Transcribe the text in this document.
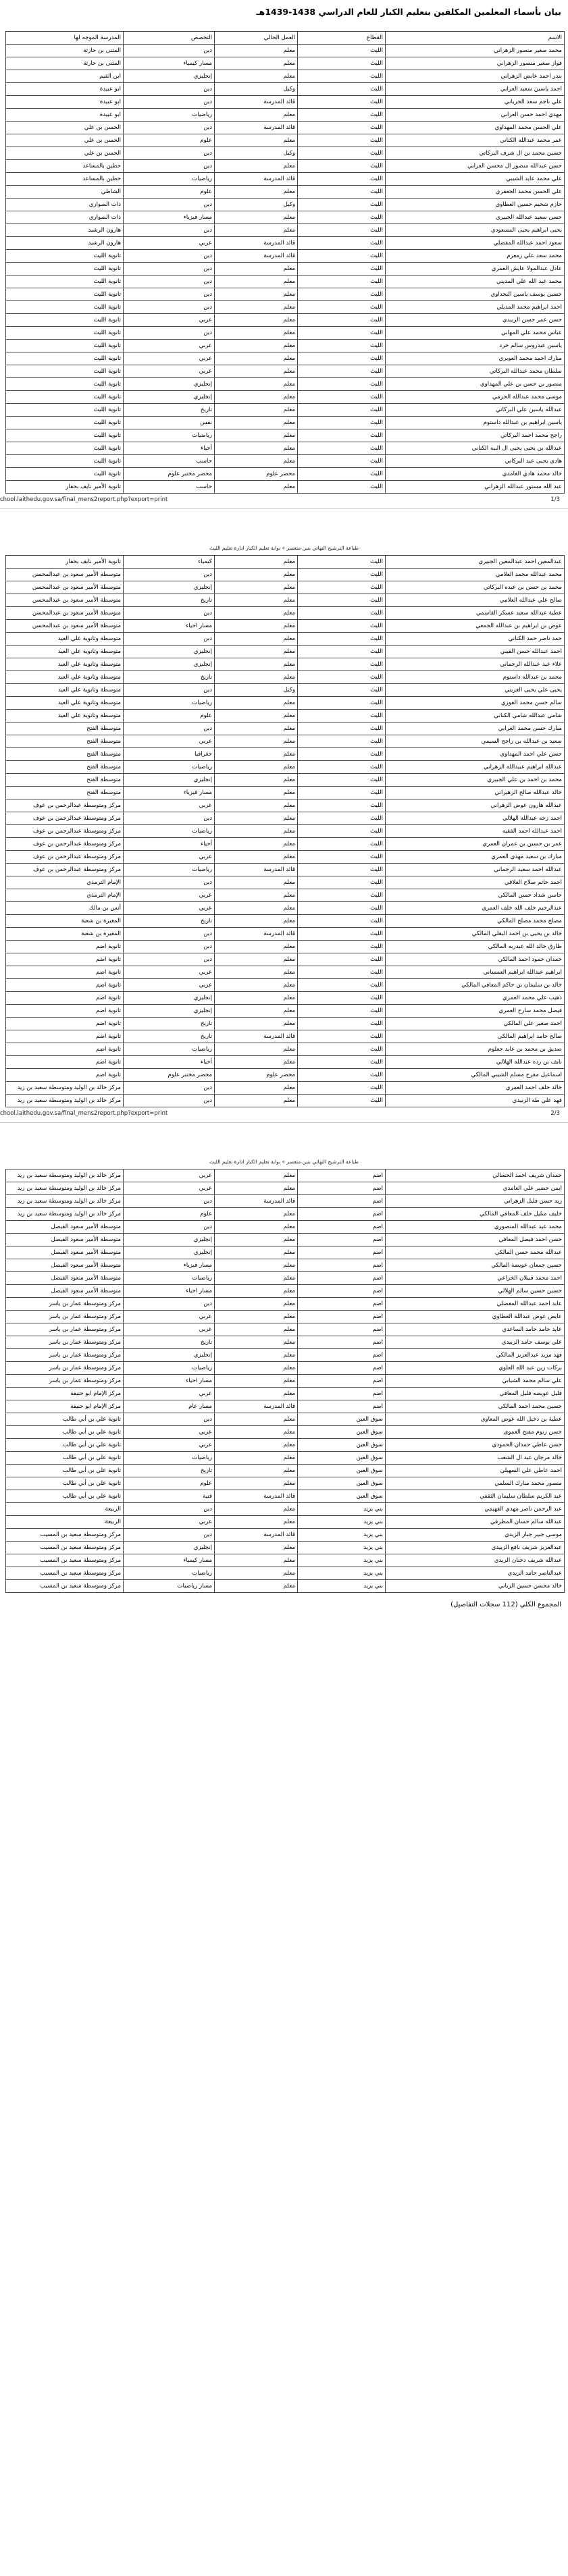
بيان بأسماء المعلمين المكلفين بتعليم الكبار للعام الدراسي 1438-1439هـ
الاسم	القطاع	العمل الحالي	التخصص	المدرسة الموجه لها
محمد صغير منصور الزهراني	الليث	معلم	دين	المثنى بن حارثة
فواز صغير منصور الزهراني	الليث	معلم	مسار كيمياء	المثنى بن حارثة
بندر احمد عايض الزهراني	الليث	معلم	إنجليزي	ابن القيم
احمد ياسين سعيد العرابي	الليث	وكيل	دين	ابو عبيدة
علي ناجم سعد الجرباني	الليث	قائد المدرسة	دين	ابو عبيدة
مهدي احمد حسن العرابي	الليث	معلم	رياضيات	ابو عبيدة
علي الحسن محمد المهداوي	الليث	قائد المدرسة	دين	الحسن بن علي
عمر محمد عبدالله الكناني	الليث	معلم	علوم	الحسن بن علي
حسين محمد بن ال شرف البركاتي	الليث	وكيل	دين	الحسن بن علي
حسن عبدالله منصور ال محسن العرابي	الليث	معلم	دين	حطين بالمساعد
علي محمد عايد الشيبي	الليث	قائد المدرسة	رياضيات	حطين بالمساعد
علي الحسن محمد الجعفري	الليث	معلم	علوم	الشاطي
حازم شحيم حسين العطاوي	الليث	وكيل	دين	ذات الصواري
حسن سعيد عبدالله الجبيري	الليث	معلم	مسار فيزياء	ذات الصواري
يحيى ابراهيم يحيى المسعودي	الليث	معلم	دين	هارون الرشيد
سعود احمد عبدالله المفضلي	الليث	قائد المدرسة	عربي	هارون الرشيد
محمد سعد علي زمعرم	الليث	قائد المدرسة	دين	ثانوية الليث
عادل عبدالمولا عايش العمري	الليث	معلم	دين	ثانوية الليث
محمد عبد الله علي المديني	الليث	معلم	دين	ثانوية الليث
حسين يوسف ياسين البجداوي	الليث	معلم	دين	ثانوية الليث
احمد ابراهيم محمد المديلي	الليث	معلم	دين	ثانوية الليث
حسن عمر حسن الزبيدي	الليث	معلم	عربي	ثانوية الليث
عباس محمد علي المهابي	الليث	معلم	دين	ثانوية الليث
ياسين عيدروس سالم خرد	الليث	معلم	عربي	ثانوية الليث
مبارك احمد محمد العويري	الليث	معلم	عربي	ثانوية الليث
سلطان محمد عبدالله البركاتي	الليث	معلم	عربي	ثانوية الليث
منصور بن حسن بن علي المهداوي	الليث	معلم	إنجليزي	ثانوية الليث
موسى محمد عبدالله الحرمي	الليث	معلم	إنجليزي	ثانوية الليث
عبدالله ياسين علي البركاتي	الليث	معلم	تاريخ	ثانوية الليث
ياسين ابراهيم بن عبدالله داستوم	الليث	معلم	نفس	ثانوية الليث
راجح محمد احمد البركاتي	الليث	معلم	رياضيات	ثانوية الليث
عبدالله بن يحيى يحيى ال البيه الكناني	الليث	معلم	أحياء	ثانوية الليث
هادي يحيى عيد البركاتي	الليث	معلم	حاسب	ثانوية الليث
خالد محمد هادي الغامدي	الليث	محضر علوم	محضر مختبر علوم	ثانوية الليث
عبد الله مستور عبدالله الزهراني	الليث	معلم	حاسب	ثانوية الأمير نايف بحفار
chool.laithedu.gov.sa/final_mens2report.php?export=print	1/3
طباعة الترشيح النهائي بنين متعسر » بوابة تعليم الكبار ادارة تعليم الليث
عبدالمعين احمد عبدالمعين الجبيري	الليث	معلم	كيمياء	ثانوية الأمير نايف بحفار
محمد عبدالله محمد العلامي	الليث	معلم	دين	متوسطة الأمير سعود بن عبدالمحسن
محمد بن حسن بن عبده البركاتي	الليث	معلم	إنجليزي	متوسطة الأمير سعود بن عبدالمحسن
صالح علي عبدالله العلامي	الليث	معلم	تاريخ	متوسطة الأمير سعود بن عبدالمحسن
عطية عبدالله سعيد عسكر القاسمي	الليث	معلم	دين	متوسطة الأمير سعود بن عبدالمحسن
عوض بن ابراهيم بن عبدالله الجمعي	الليث	معلم	مسار احياء	متوسطة الأمير سعود بن عبدالمحسن
حمد ناصر حمد الكناني	الليث	معلم	دين	متوسطة وثانوية علي العيد
احمد عبدالله حسن القيبي	الليث	معلم	إنجليزي	متوسطة وثانوية علي العيد
علاء عيد عبدالله الرجماني	الليث	معلم	إنجليزي	متوسطة وثانوية علي العيد
محمد بن عبدالله داستوم	الليث	معلم	تاريخ	متوسطة وثانوية علي العيد
يحيى علي يحيى العزيني	الليث	وكيل	دين	متوسطة وثانوية علي العيد
سالم حسن محمد الفوزي	الليث	معلم	رياضيات	متوسطة وثانوية علي العيد
شامي عبدالله شامي الكناني	الليث	معلم	علوم	متوسطة وثانوية علي العيد
مبارك حسن محمد العرابي	الليث	معلم	دين	متوسطة الفتح
سعيد بن عبدالله بن راجح السيمي	الليث	معلم	عربي	متوسطة الفتح
حسن علي احمد المهداوي	الليث	معلم	جغرافيا	متوسطة الفتح
عبدالله ابراهيم عبيدالله الزهراني	الليث	معلم	رياضيات	متوسطة الفتح
محمد بن احمد بن علي الجبيري	الليث	معلم	إنجليزي	متوسطة الفتح
خالد عبدالله صالح الزهيراني	الليث	معلم	مسار فيزياء	متوسطة الفتح
عبدالله هارون عوض الزهراني	الليث	معلم	عربي	مركز ومتوسطة عبدالرحمن بن عوف
احمد زحه عبدالله الهلالي	الليث	معلم	دين	مركز ومتوسطة عبدالرحمن بن عوف
احمد عبدالله احمد الفقيه	الليث	معلم	رياضيات	مركز ومتوسطة عبدالرحمن بن عوف
عمر بن حسين بن عمران العمري	الليث	معلم	أحياء	مركز ومتوسطة عبدالرحمن بن عوف
مبارك بن سعيد مهدي العمري	الليث	معلم	عربي	مركز ومتوسطة عبدالرحمن بن عوف
عبدالله احمد سعيد الرجماني	الليث	قائد المدرسة	رياضيات	مركز ومتوسطة عبدالرحمن بن عوف
احمد حاتم صلاح العلاقي	الليث	معلم	دين	الإمام الترمذي
حاسن شداد حسن المالكي	الليث	معلم	عربي	الإمام الترمذي
عبدالرحيم خلف الله خلف العمري	الليث	معلم	عربي	أنس بن مالك
مصلح محمد مصلح المالكي	الليث	معلم	تاريخ	المغيرة بن شعبة
خالد بن يحيى بن احمد البقلي المالكي	الليث	قائد المدرسة	دين	المغيرة بن شعبة
طارق خالد الله عبدربه المالكي	الليث	معلم	دين	ثانوية اضم
حمدان حمود احمد المالكي	الليث	معلم	دين	ثانوية اضم
ابراهيم عبدالله ابراهيم العمساني	الليث	معلم	عربي	ثانوية اضم
خالد بن سليمان بن حاكم المعافي المالكي	الليث	معلم	عربي	ثانوية اضم
ذهيب علي محمد العمري	الليث	معلم	إنجليزي	ثانوية اضم
فيصل محمد سارح العمري	الليث	معلم	إنجليزي	ثانوية اضم
احمد صغير علي المالكي	الليث	معلم	تاريخ	ثانوية اضم
صالح حامد ابراهيم المالكي	الليث	قائد المدرسة	تاريخ	ثانوية اضم
صديق بن محمد بن عابد جعلوم	الليث	معلم	رياضيات	ثانوية اضم
نايف بن رده عبدالله الهلالي	الليث	معلم	أحياء	ثانوية اضم
اسماعيل مفرح مسلم الشيبي المالكي	الليث	محضر علوم	محضر مختبر علوم	ثانوية اضم
خالد خلف احمد العمري	الليث	معلم	دين	مركز خالد بن الوليد ومتوسطة سعيد بن زيد
فهد علي طه الزبيدي	الليث	معلم	دين	مركز خالد بن الوليد ومتوسطة سعيد بن زيد
chool.laithedu.gov.sa/final_mens2report.php?export=print	2/3
طباعة الترشيح النهائي بنين متعسر » بوابة تعليم الكبار ادارة تعليم الليث
حمدان شريف احمد الحسالي	اضم	معلم	عربي	مركز خالد بن الوليد ومتوسطة سعيد بن زيد
ايمن حضير علي الغامدي	اضم	معلم	عربي	مركز خالد بن الوليد ومتوسطة سعيد بن زيد
زيد حسن فليل الزهراني	اضم	قائد المدرسة	دين	مركز خالد بن الوليد ومتوسطة سعيد بن زيد
خليف متليل خلف المعافي المالكي	اضم	معلم	علوم	مركز خالد بن الوليد ومتوسطة سعيد بن زيد
محمد عيد عبدالله المنصوري	اضم	معلم	دين	متوسطة الأمير سعود الفيصل
حسن احمد فيصل المعافي	اضم	معلم	إنجليزي	متوسطة الأمير سعود الفيصل
عبدالله محمد حسن المالكي	اضم	معلم	إنجليزي	متوسطة الأمير سعود الفيصل
حسين جمعان عويضة المالكي	اضم	معلم	مسار فيزياء	متوسطة الأمير سعود الفيصل
احمد محمد قبيلان الخزاعي	اضم	معلم	رياضيات	متوسطة الأمير سعود الفيصل
حسين حسين سالم الهلالي	اضم	معلم	مسار احياء	متوسطة الأمير سعود الفيصل
عابد احمد عبدالله المفضلي	اضم	معلم	دين	مركز ومتوسطة عمار بن ياسر
عايض عوض عبدالله العطاوي	اضم	معلم	عربي	مركز ومتوسطة عمار بن ياسر
عايد حامد حامد الساعدي	اضم	معلم	عربي	مركز ومتوسطة عمار بن ياسر
علي يوسف حامد الزبيدي	اضم	معلم	تاريخ	مركز ومتوسطة عمار بن ياسر
فهد مزيد عبدالعزيز المالكي	اضم	معلم	إنجليزي	مركز ومتوسطة عمار بن ياسر
بركات زين عبد الله العلوي	اضم	معلم	رياضيات	مركز ومتوسطة عمار بن ياسر
علي سالم محمد الشيابي	اضم	معلم	مسار احياء	مركز ومتوسطة عمار بن ياسر
فليل عويضه فليل المعافي	اضم	معلم	عربي	مركز الإمام ابو حنيفة
حسين محمد احمد المالكي	اضم	قائد المدرسة	مسار عام	مركز الإمام ابو حنيفة
عطية بن دخيل الله عوض المعاوي	سوق العين	معلم	دين	ثانوية علي بن أبي طالب
حسن زنوم مفتح العموي	سوق العين	معلم	عربي	ثانوية علي بن أبي طالب
حسن عاطي حمدان الحمودي	سوق العين	معلم	عربي	ثانوية علي بن أبي طالب
خالد مرجان عيد ال الشعب	سوق العين	معلم	رياضيات	ثانوية علي بن أبي طالب
احمد عاطي علي السهيلي	سوق العين	معلم	تاريخ	ثانوية علي بن أبي طالب
منصور محمد مبارك السلمي	سوق العين	معلم	علوم	ثانوية علي بن أبي طالب
عبد الكريم سلطان سليمان الثقفي	سوق العين	قائد المدرسة	فنية	ثانوية علي بن أبي طالب
عبد الرحمن ناصر مهدي الفهيمي	بني يزيد	معلم	دين	الربيعة
عبدالله سالم حسان المطرفي	بني يزيد	معلم	عربي	الربيعة
موسى جبير جبار الزيدي	بني يزيد	قائد المدرسة	دين	مركز ومتوسطة سعيد بن المسيب
عبدالعزيز شريف نافع الزبيدي	بني يزيد	معلم	إنجليزي	مركز ومتوسطة سعيد بن المسيب
عبدالله شريف دخنان الزيدي	بني يزيد	معلم	مسار كيمياء	مركز ومتوسطة سعيد بن المسيب
عبدالناصر حامد الزيدي	بني يزيد	معلم	رياضيات	مركز ومتوسطة سعيد بن المسيب
خالد محسن حسين الزياني	بني يزيد	معلم	مسار رياضيات	مركز ومتوسطة سعيد بن المسيب
المجموع الكلي (112 سجلات التفاصيل)
